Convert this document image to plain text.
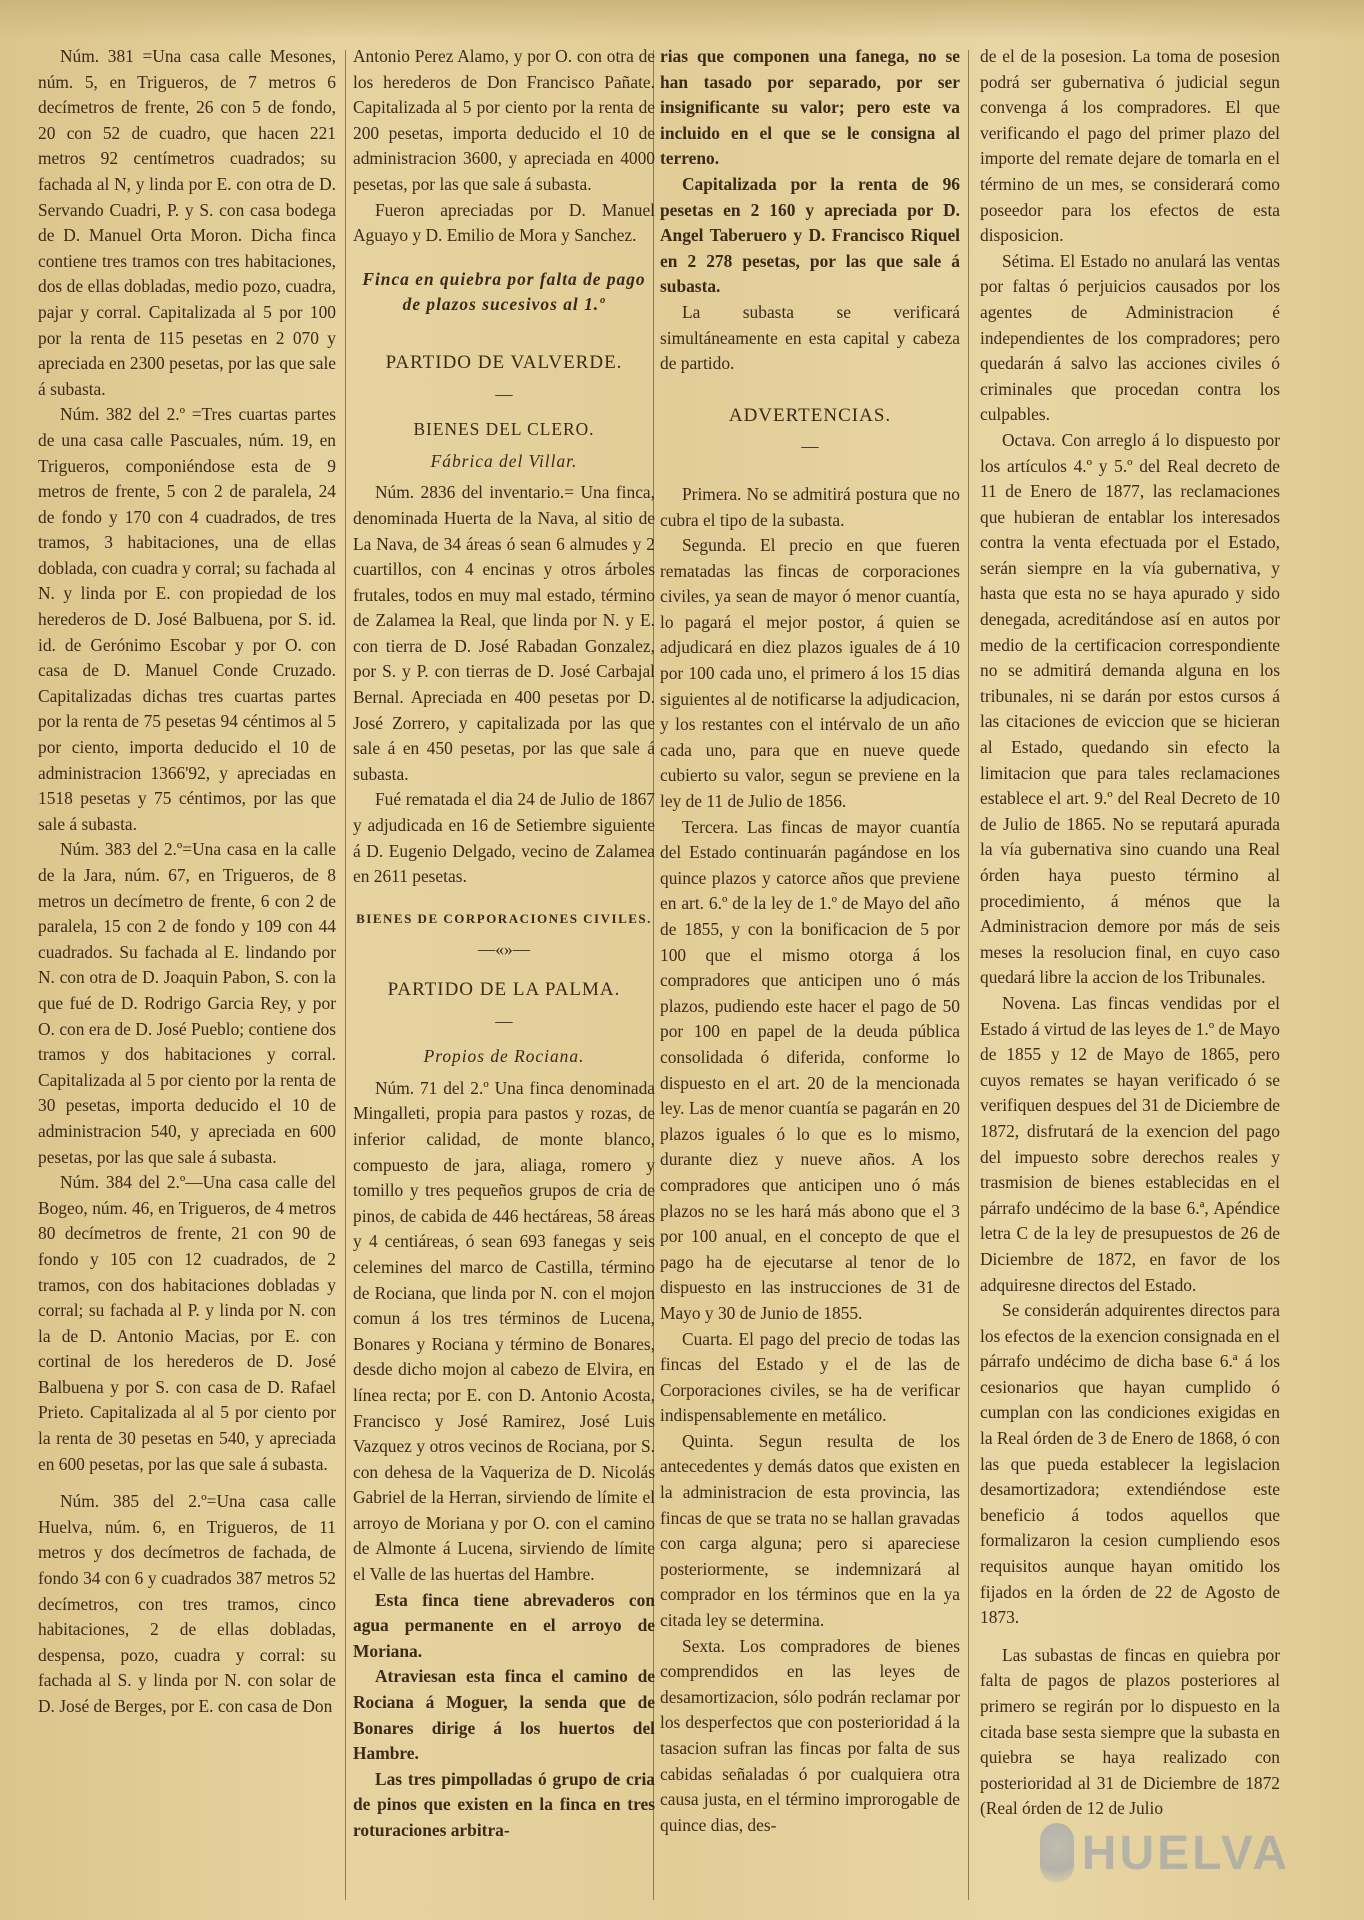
Núm. 381 =Una casa calle Mesones, núm. 5, en Trigueros, de 7 metros 6 decímetros de frente, 26 con 5 de fondo, 20 con 52 de cuadro, que hacen 221 metros 92 centímetros cuadrados; su fachada al N, y linda por E. con otra de D. Servando Cuadri, P. y S. con casa bodega de D. Manuel Orta Moron. Dicha finca contiene tres tramos con tres habitaciones, dos de ellas dobladas, medio pozo, cuadra, pajar y corral. Capitalizada al 5 por 100 por la renta de 115 pesetas en 2 070 y apreciada en 2300 pesetas, por las que sale á subasta.

Núm. 382 del 2.º =Tres cuartas partes de una casa calle Pascuales, núm. 19, en Trigueros, componiéndose esta de 9 metros de frente, 5 con 2 de paralela, 24 de fondo y 170 con 4 cuadrados, de tres tramos, 3 habitaciones, una de ellas doblada, con cuadra y corral; su fachada al N. y linda por E. con propiedad de los herederos de D. José Balbuena, por S. id. id. de Gerónimo Escobar y por O. con casa de D. Manuel Conde Cruzado. Capitalizadas dichas tres cuartas partes por la renta de 75 pesetas 94 céntimos al 5 por ciento, importa deducido el 10 de administracion 1366'92, y apreciadas en 1518 pesetas y 75 céntimos, por las que sale á subasta.

Núm. 383 del 2.º=Una casa en la calle de la Jara, núm. 67, en Trigueros, de 8 metros un decímetro de frente, 6 con 2 de paralela, 15 con 2 de fondo y 109 con 44 cuadrados. Su fachada al E. lindando por N. con otra de D. Joaquin Pabon, S. con la que fué de D. Rodrigo Garcia Rey, y por O. con era de D. José Pueblo; contiene dos tramos y dos habitaciones y corral. Capitalizada al 5 por ciento por la renta de 30 pesetas, importa deducido el 10 de administracion 540, y apreciada en 600 pesetas, por las que sale á subasta.

Núm. 384 del 2.º—Una casa calle del Bogeo, núm. 46, en Trigueros, de 4 metros 80 decímetros de frente, 21 con 90 de fondo y 105 con 12 cuadrados, de 2 tramos, con dos habitaciones dobladas y corral; su fachada al P. y linda por N. con la de D. Antonio Macias, por E. con cortinal de los herederos de D. José Balbuena y por S. con casa de D. Rafael Prieto. Capitalizada al al 5 por ciento por la renta de 30 pesetas en 540, y apreciada en 600 pesetas, por las que sale á subasta.

Núm. 385 del 2.º=Una casa calle Huelva, núm. 6, en Trigueros, de 11 metros y dos decímetros de fachada, de fondo 34 con 6 y cuadrados 387 metros 52 decímetros, con tres tramos, cinco habitaciones, 2 de ellas dobladas, despensa, pozo, cuadra y corral: su fachada al S. y linda por N. con solar de D. José de Berges, por E. con casa de Don

Antonio Perez Alamo, y por O. con otra de los herederos de Don Francisco Pañate. Capitalizada al 5 por ciento por la renta de 200 pesetas, importa deducido el 10 de administracion 3600, y apreciada en 4000 pesetas, por las que sale á subasta.

Fueron apreciadas por D. Manuel Aguayo y D. Emilio de Mora y Sanchez.

Finca en quiebra por falta de pago de plazos sucesivos al 1.º
PARTIDO DE VALVERDE.
—
BIENES DEL CLERO.
Fábrica del Villar.

Núm. 2836 del inventario.= Una finca, denominada Huerta de la Nava, al sitio de La Nava, de 34 áreas ó sean 6 almudes y 2 cuartillos, con 4 encinas y otros árboles frutales, todos en muy mal estado, término de Zalamea la Real, que linda por N. y E. con tierra de D. José Rabadan Gonzalez, por S. y P. con tierras de D. José Carbajal Bernal. Apreciada en 400 pesetas por D. José Zorrero, y capitalizada por las que sale á en 450 pesetas, por las que sale á subasta.

Fué rematada el dia 24 de Julio de 1867 y adjudicada en 16 de Setiembre siguiente á D. Eugenio Delgado, vecino de Zalamea en 2611 pesetas.

BIENES DE CORPORACIONES CIVILES.
—«»—
PARTIDO DE LA PALMA.
—
Propios de Rociana.

Núm. 71 del 2.º Una finca denominada Mingalleti, propia para pastos y rozas, de inferior calidad, de monte blanco, compuesto de jara, aliaga, romero y tomillo y tres pequeños grupos de cria de pinos, de cabida de 446 hectáreas, 58 áreas y 4 centiáreas, ó sean 693 fanegas y seis celemines del marco de Castilla, término de Rociana, que linda por N. con el mojon comun á los tres términos de Lucena, Bonares y Rociana y término de Bonares, desde dicho mojon al cabezo de Elvira, en línea recta; por E. con D. Antonio Acosta, Francisco y José Ramirez, José Luis Vazquez y otros vecinos de Rociana, por S. con dehesa de la Vaqueriza de D. Nicolás Gabriel de la Herran, sirviendo de límite el arroyo de Moriana y por O. con el camino de Almonte á Lucena, sirviendo de límite el Valle de las huertas del Hambre.

Esta finca tiene abrevaderos con agua permanente en el arroyo de Moriana.

Atraviesan esta finca el camino de Rociana á Moguer, la senda que de Bonares dirige á los huertos del Hambre.

Las tres pimpolladas ó grupo de cria de pinos que existen en la finca en tres roturaciones arbitra-

rias que componen una fanega, no se han tasado por separado, por ser insignificante su valor; pero este va incluido en el que se le consigna al terreno.

Capitalizada por la renta de 96 pesetas en 2 160 y apreciada por D. Angel Taberuero y D. Francisco Riquel en 2 278 pesetas, por las que sale á subasta.

La subasta se verificará simultáneamente en esta capital y cabeza de partido.

ADVERTENCIAS.
—

Primera. No se admitirá postura que no cubra el tipo de la subasta.

Segunda. El precio en que fueren rematadas las fincas de corporaciones civiles, ya sean de mayor ó menor cuantía, lo pagará el mejor postor, á quien se adjudicará en diez plazos iguales de á 10 por 100 cada uno, el primero á los 15 dias siguientes al de notificarse la adjudicacion, y los restantes con el intérvalo de un año cada uno, para que en nueve quede cubierto su valor, segun se previene en la ley de 11 de Julio de 1856.

Tercera. Las fincas de mayor cuantía del Estado continuarán pagándose en los quince plazos y catorce años que previene en art. 6.º de la ley de 1.º de Mayo del año de 1855, y con la bonificacion de 5 por 100 que el mismo otorga á los compradores que anticipen uno ó más plazos, pudiendo este hacer el pago de 50 por 100 en papel de la deuda pública consolidada ó diferida, conforme lo dispuesto en el art. 20 de la mencionada ley. Las de menor cuantía se pagarán en 20 plazos iguales ó lo que es lo mismo, durante diez y nueve años. A los compradores que anticipen uno ó más plazos no se les hará más abono que el 3 por 100 anual, en el concepto de que el pago ha de ejecutarse al tenor de lo dispuesto en las instrucciones de 31 de Mayo y 30 de Junio de 1855.

Cuarta. El pago del precio de todas las fincas del Estado y el de las de Corporaciones civiles, se ha de verificar indispensablemente en metálico.

Quinta. Segun resulta de los antecedentes y demás datos que existen en la administracion de esta provincia, las fincas de que se trata no se hallan gravadas con carga alguna; pero si apareciese posteriormente, se indemnizará al comprador en los términos que en la ya citada ley se determina.

Sexta. Los compradores de bienes comprendidos en las leyes de desamortizacion, sólo podrán reclamar por los desperfectos que con posterioridad á la tasacion sufran las fincas por falta de sus cabidas señaladas ó por cualquiera otra causa justa, en el término improrogable de quince dias, des-

de el de la posesion. La toma de posesion podrá ser gubernativa ó judicial segun convenga á los compradores. El que verificando el pago del primer plazo del importe del remate dejare de tomarla en el término de un mes, se considerará como poseedor para los efectos de esta disposicion.

Sétima. El Estado no anulará las ventas por faltas ó perjuicios causados por los agentes de Administracion é independientes de los compradores; pero quedarán á salvo las acciones civiles ó criminales que procedan contra los culpables.

Octava. Con arreglo á lo dispuesto por los artículos 4.º y 5.º del Real decreto de 11 de Enero de 1877, las reclamaciones que hubieran de entablar los interesados contra la venta efectuada por el Estado, serán siempre en la vía gubernativa, y hasta que esta no se haya apurado y sido denegada, acreditándose así en autos por medio de la certificacion correspondiente no se admitirá demanda alguna en los tribunales, ni se darán por estos cursos á las citaciones de eviccion que se hicieran al Estado, quedando sin efecto la limitacion que para tales reclamaciones establece el art. 9.º del Real Decreto de 10 de Julio de 1865. No se reputará apurada la vía gubernativa sino cuando una Real órden haya puesto término al procedimiento, á ménos que la Administracion demore por más de seis meses la resolucion final, en cuyo caso quedará libre la accion de los Tribunales.

Novena. Las fincas vendidas por el Estado á virtud de las leyes de 1.º de Mayo de 1855 y 12 de Mayo de 1865, pero cuyos remates se hayan verificado ó se verifiquen despues del 31 de Diciembre de 1872, disfrutará de la exencion del pago del impuesto sobre derechos reales y trasmision de bienes establecidas en el párrafo undécimo de la base 6.ª, Apéndice letra C de la ley de presupuestos de 26 de Diciembre de 1872, en favor de los adquiresne directos del Estado.

Se considerán adquirentes directos para los efectos de la exencion consignada en el párrafo undécimo de dicha base 6.ª á los cesionarios que hayan cumplido ó cumplan con las condiciones exigidas en la Real órden de 3 de Enero de 1868, ó con las que pueda establecer la legislacion desamortizadora; extendiéndose este beneficio á todos aquellos que formalizaron la cesion cumpliendo esos requisitos aunque hayan omitido los fijados en la órden de 22 de Agosto de 1873.

Las subastas de fincas en quiebra por falta de pagos de plazos posteriores al primero se regirán por lo dispuesto en la citada base sesta siempre que la subasta en quiebra se haya realizado con posterioridad al 31 de Diciembre de 1872 (Real órden de 12 de Julio

HUELVA
